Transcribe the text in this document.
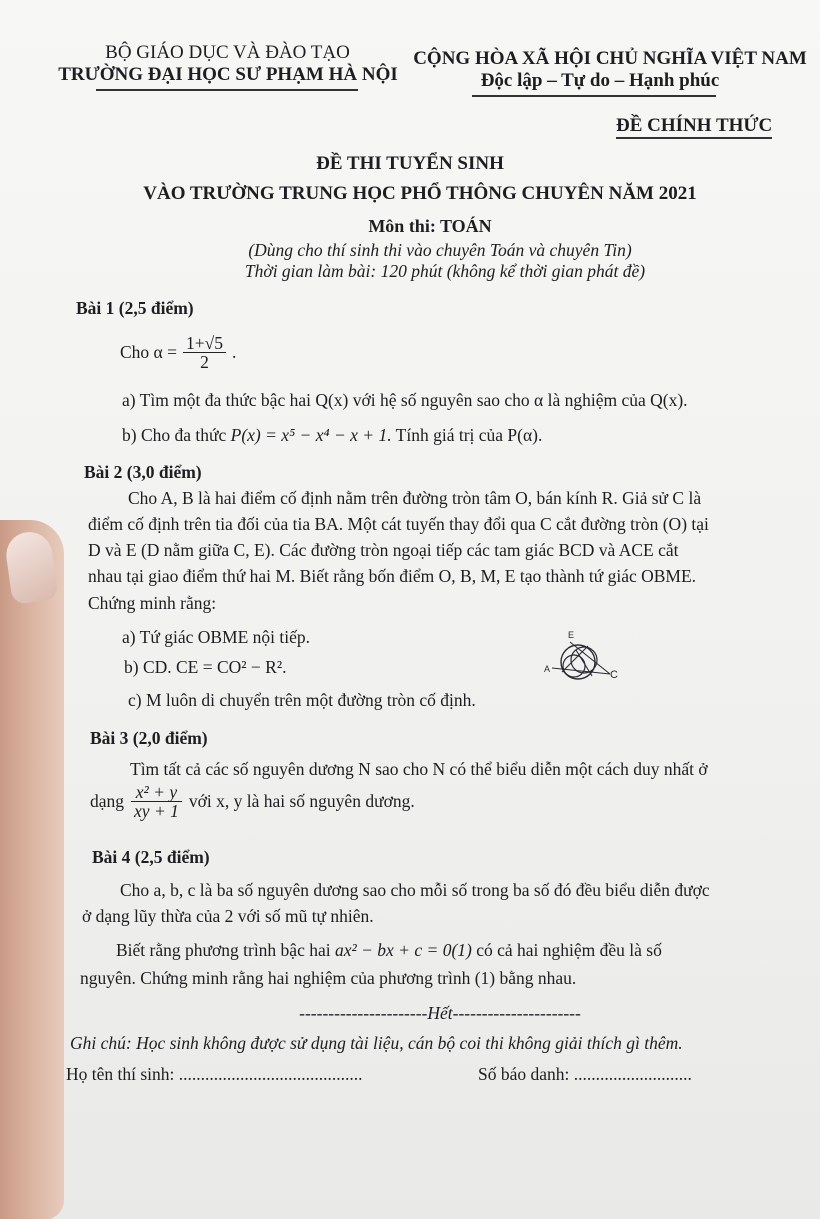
BỘ GIÁO DỤC VÀ ĐÀO TẠO
TRƯỜNG ĐẠI HỌC SƯ PHẠM HÀ NỘI
CỘNG HÒA XÃ HỘI CHỦ NGHĨA VIỆT NAM
Độc lập – Tự do – Hạnh phúc
ĐỀ CHÍNH THỨC
ĐỀ THI TUYỂN SINH
VÀO TRƯỜNG TRUNG HỌC PHỔ THÔNG CHUYÊN NĂM 2021
Môn thi: TOÁN
(Dùng cho thí sinh thi vào chuyên Toán và chuyên Tin)
Thời gian làm bài: 120 phút (không kể thời gian phát đề)
Bài 1 (2,5 điểm)
Cho $\alpha = \frac{1+√5}{2}$ .
a) Tìm một đa thức bậc hai Q(x) với hệ số nguyên sao cho α là nghiệm của Q(x).
b) Cho đa thức P(x) = x⁵ − x⁴ − x + 1. Tính giá trị của P(α).
Bài 2 (3,0 điểm)
Cho A, B là hai điểm cố định nằm trên đường tròn tâm O, bán kính R. Giả sử C là
điểm cố định trên tia đối của tia BA. Một cát tuyến thay đổi qua C cắt đường tròn (O) tại
D và E (D nằm giữa C, E). Các đường tròn ngoại tiếp các tam giác BCD và ACE cắt
nhau tại giao điểm thứ hai M. Biết rằng bốn điểm O, B, M, E tạo thành tứ giác OBME.
Chứng minh rằng:
a) Tứ giác OBME nội tiếp.
b) CD. CE = CO² − R².
c) M luôn di chuyển trên một đường tròn cố định.
E
A	C
Bài 3 (2,0 điểm)
Tìm tất cả các số nguyên dương N sao cho N có thể biểu diễn một cách duy nhất ở
dạng $\frac{\text{x² + y}}{xy + 1}$ với x, y là hai số nguyên dương.
Bài 4 (2,5 điểm)
Cho a, b, c là ba số nguyên dương sao cho mỗi số trong ba số đó đều biểu diễn được
ở dạng lũy thừa của 2 với số mũ tự nhiên.
Biết rằng phương trình bậc hai ax² − bx + c = 0(1) có cả hai nghiệm đều là số
nguyên. Chứng minh rằng hai nghiệm của phương trình (1) bằng nhau.
----------------------Hết----------------------
Ghi chú: Học sinh không được sử dụng tài liệu, cán bộ coi thi không giải thích gì thêm.
Họ tên thí sinh: ..........................................	Số báo danh: ...........................
